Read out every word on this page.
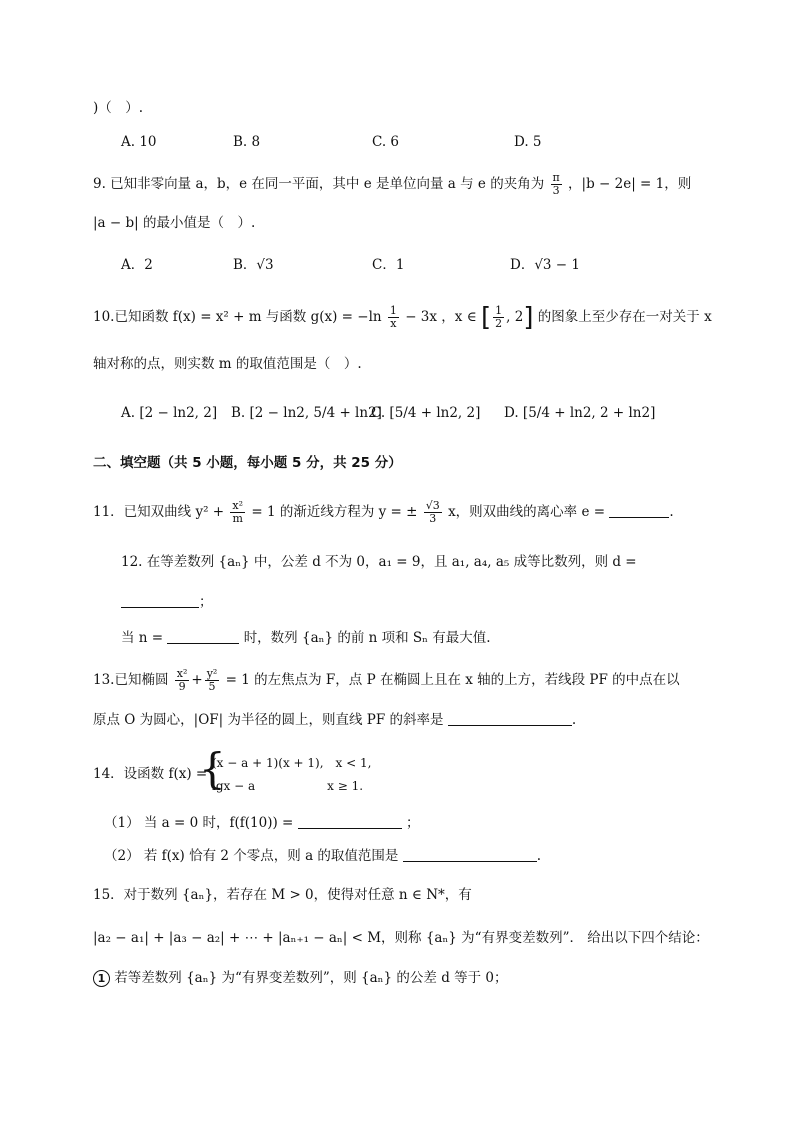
)（　）.
A. 10	B. 8	C. 6	D. 5
9. 已知非零向量 a，b，e 在同一平面，其中 e 是单位向量 a 与 e 的夹角为 $\frac{\pi}{3}$ ，|b − 2e| = 1，则
|a − b| 的最小值是（　）.
A．2	B．√3	C．1	D．√3 − 1
10.已知函数 f(x) = x² + m 与函数 $g(x) = -\ln \frac{1}{x} - 3x$ ，x ∈ [ $\frac{1}{2}$ , 2] 的图象上至少存在一对关于 x
轴对称的点，则实数 m 的取值范围是（　）.
A. [2 − ln2, 2] B. [2 − ln2, 5/4 + ln2]
C. [5/4 + ln2, 2] D. [5/4 + ln2, 2 + ln2]
二、填空题（共 5 小题，每小题 5 分，共 25 分）
11．已知双曲线 $y^2 + \frac{\text{x²}}{m} = 1$ 的渐近线方程为 y = ± $\frac{√3}{3}$ x，则双曲线的离心率 e =	.
12. 在等差数列 {aₙ} 中，公差 d 不为 0，a₁ = 9，且 a₁, a₄, a₅ 成等比数列，则 d =
；
当 n =	时，数列 {aₙ} 的前 n 项和 Sₙ 有最大值.
13.已知椭圆 $\frac{\text{x²}}{9} + \frac{\text{y²}}{5} = 1$ 的左焦点为 F，点 P 在椭圆上且在 x 轴的上方，若线段 PF 的中点在以
原点 O 为圆心，|OF| 为半径的圆上，则直线 PF 的斜率是	.
14．设函数 f(x) =
{
(x − a + 1)(x + 1),　x < 1,
lgx − a　　　　　　x ≥ 1.
（1） 当 a = 0 时，f(f(10)) =	；
（2） 若 f(x) 恰有 2 个零点，则 a 的取值范围是	.
15．对于数列 {aₙ}，若存在 M > 0，使得对任意 n ∈ N*，有
|a₂ − a₁| + |a₃ − a₂| + ⋯ + |aₙ₊₁ − aₙ| < M，则称 {aₙ} 为“有界变差数列”． 给出以下四个结论：
1 若等差数列 {aₙ} 为“有界变差数列”，则 {aₙ} 的公差 d 等于 0；
